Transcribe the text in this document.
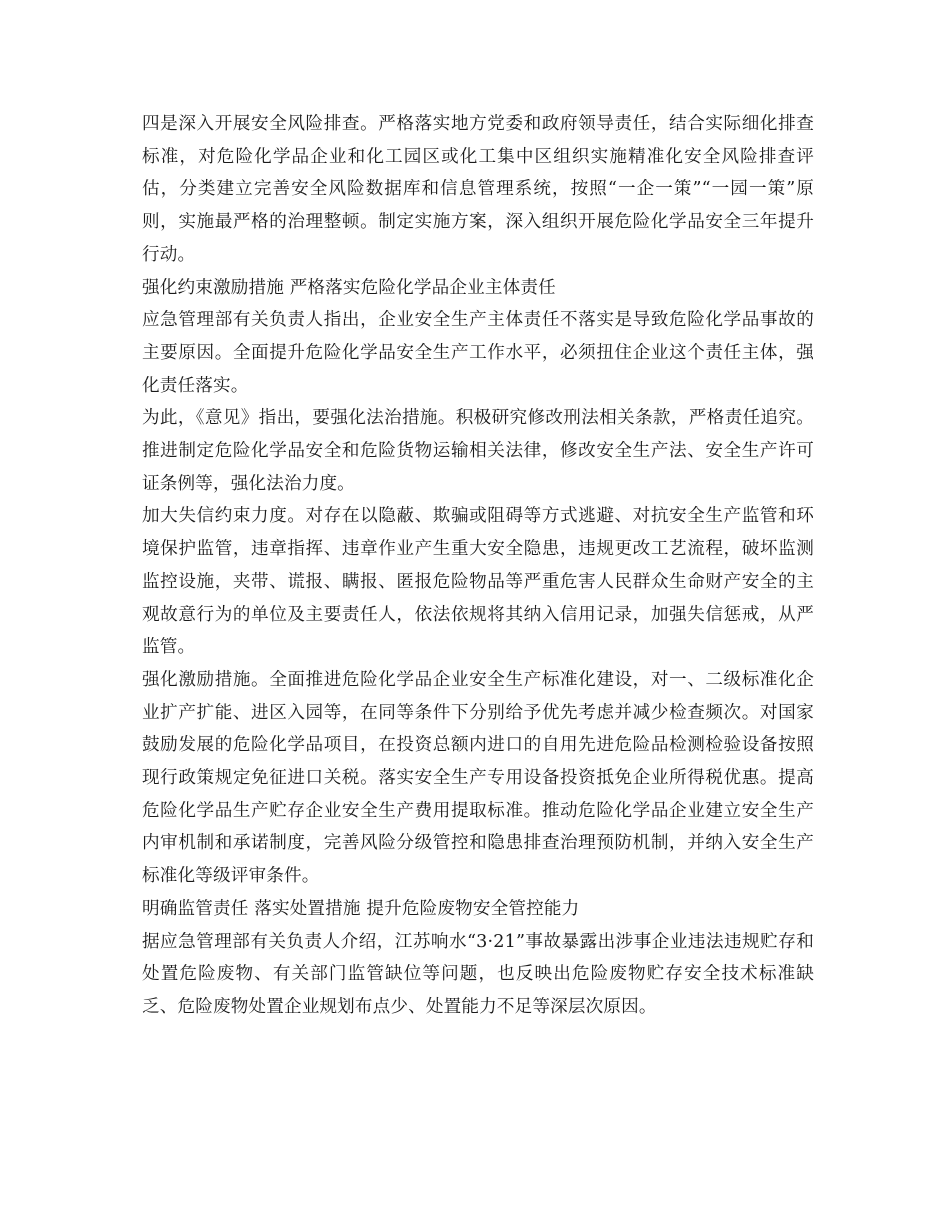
四是深入开展安全风险排查。严格落实地方党委和政府领导责任，结合实际细化排查标准，对危险化学品企业和化工园区或化工集中区组织实施精准化安全风险排查评估，分类建立完善安全风险数据库和信息管理系统，按照“一企一策”“一园一策”原则，实施最严格的治理整顿。制定实施方案，深入组织开展危险化学品安全三年提升行动。

强化约束激励措施 严格落实危险化学品企业主体责任

应急管理部有关负责人指出，企业安全生产主体责任不落实是导致危险化学品事故的主要原因。全面提升危险化学品安全生产工作水平，必须扭住企业这个责任主体，强化责任落实。

为此，《意见》指出，要强化法治措施。积极研究修改刑法相关条款，严格责任追究。推进制定危险化学品安全和危险货物运输相关法律，修改安全生产法、安全生产许可证条例等，强化法治力度。

加大失信约束力度。对存在以隐蔽、欺骗或阻碍等方式逃避、对抗安全生产监管和环境保护监管，违章指挥、违章作业产生重大安全隐患，违规更改工艺流程，破坏监测监控设施，夹带、谎报、瞒报、匿报危险物品等严重危害人民群众生命财产安全的主观故意行为的单位及主要责任人，依法依规将其纳入信用记录，加强失信惩戒，从严监管。

强化激励措施。全面推进危险化学品企业安全生产标准化建设，对一、二级标准化企业扩产扩能、进区入园等，在同等条件下分别给予优先考虑并减少检查频次。对国家鼓励发展的危险化学品项目，在投资总额内进口的自用先进危险品检测检验设备按照现行政策规定免征进口关税。落实安全生产专用设备投资抵免企业所得税优惠。提高危险化学品生产贮存企业安全生产费用提取标准。推动危险化学品企业建立安全生产内审机制和承诺制度，完善风险分级管控和隐患排查治理预防机制，并纳入安全生产标准化等级评审条件。

明确监管责任 落实处置措施 提升危险废物安全管控能力

据应急管理部有关负责人介绍，江苏响水“3·21”事故暴露出涉事企业违法违规贮存和处置危险废物、有关部门监管缺位等问题，也反映出危险废物贮存安全技术标准缺乏、危险废物处置企业规划布点少、处置能力不足等深层次原因。
